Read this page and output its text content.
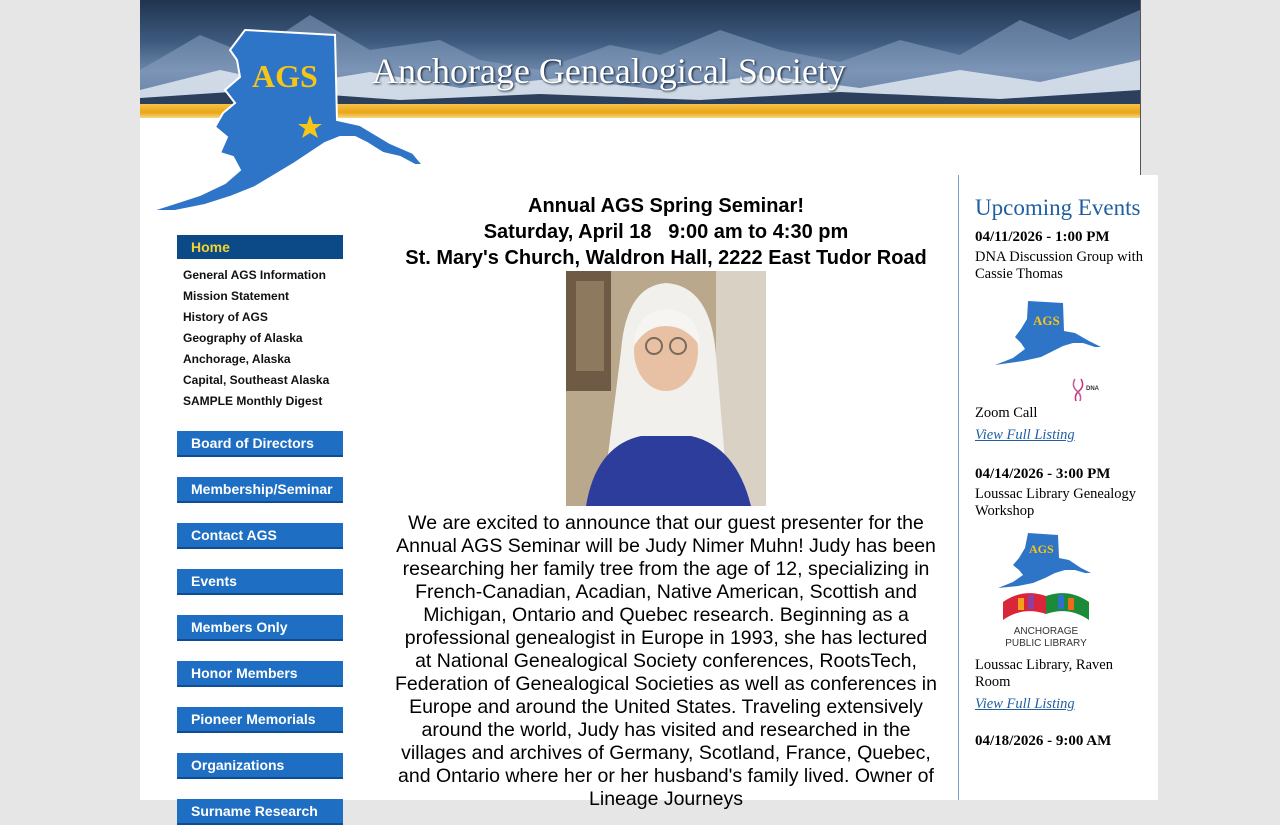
Anchorage Genealogical Society
AGS
Home
General AGS Information
Mission Statement
History of AGS
Geography of Alaska
Anchorage, Alaska
Capital, Southeast Alaska
SAMPLE Monthly Digest
Board of Directors
Membership/Seminar
Contact AGS
Events
Members Only
Honor Members
Pioneer Memorials
Organizations
Surname Research
Annual AGS Spring Seminar!
Saturday, April 18   9:00 am to 4:30 pm
St. Mary's Church, Waldron Hall, 2222 East Tudor Road

We are excited to announce that our guest presenter for the Annual AGS Seminar will be Judy Nimer Muhn! Judy has been researching her family tree from the age of 12, specializing in French-Canadian, Acadian, Native American, Scottish and Michigan, Ontario and Quebec research. Beginning as a professional genealogist in Europe in 1993, she has lectured at National Genealogical Society conferences, RootsTech, Federation of Genealogical Societies as well as conferences in Europe and around the United States. Traveling extensively around the world, Judy has visited and researched in the villages and archives of Germany, Scotland, France, Quebec, and Ontario where her or her husband's family lived. Owner of Lineage Journeys

Upcoming Events
04/11/2026 - 1:00 PM
DNA Discussion Group with Cassie Thomas
AGS
DNA
Zoom Call
View Full Listing
04/14/2026 - 3:00 PM
Loussac Library Genealogy Workshop
AGS
ANCHORAGE
PUBLIC LIBRARY
Loussac Library, Raven Room
View Full Listing
04/18/2026 - 9:00 AM
